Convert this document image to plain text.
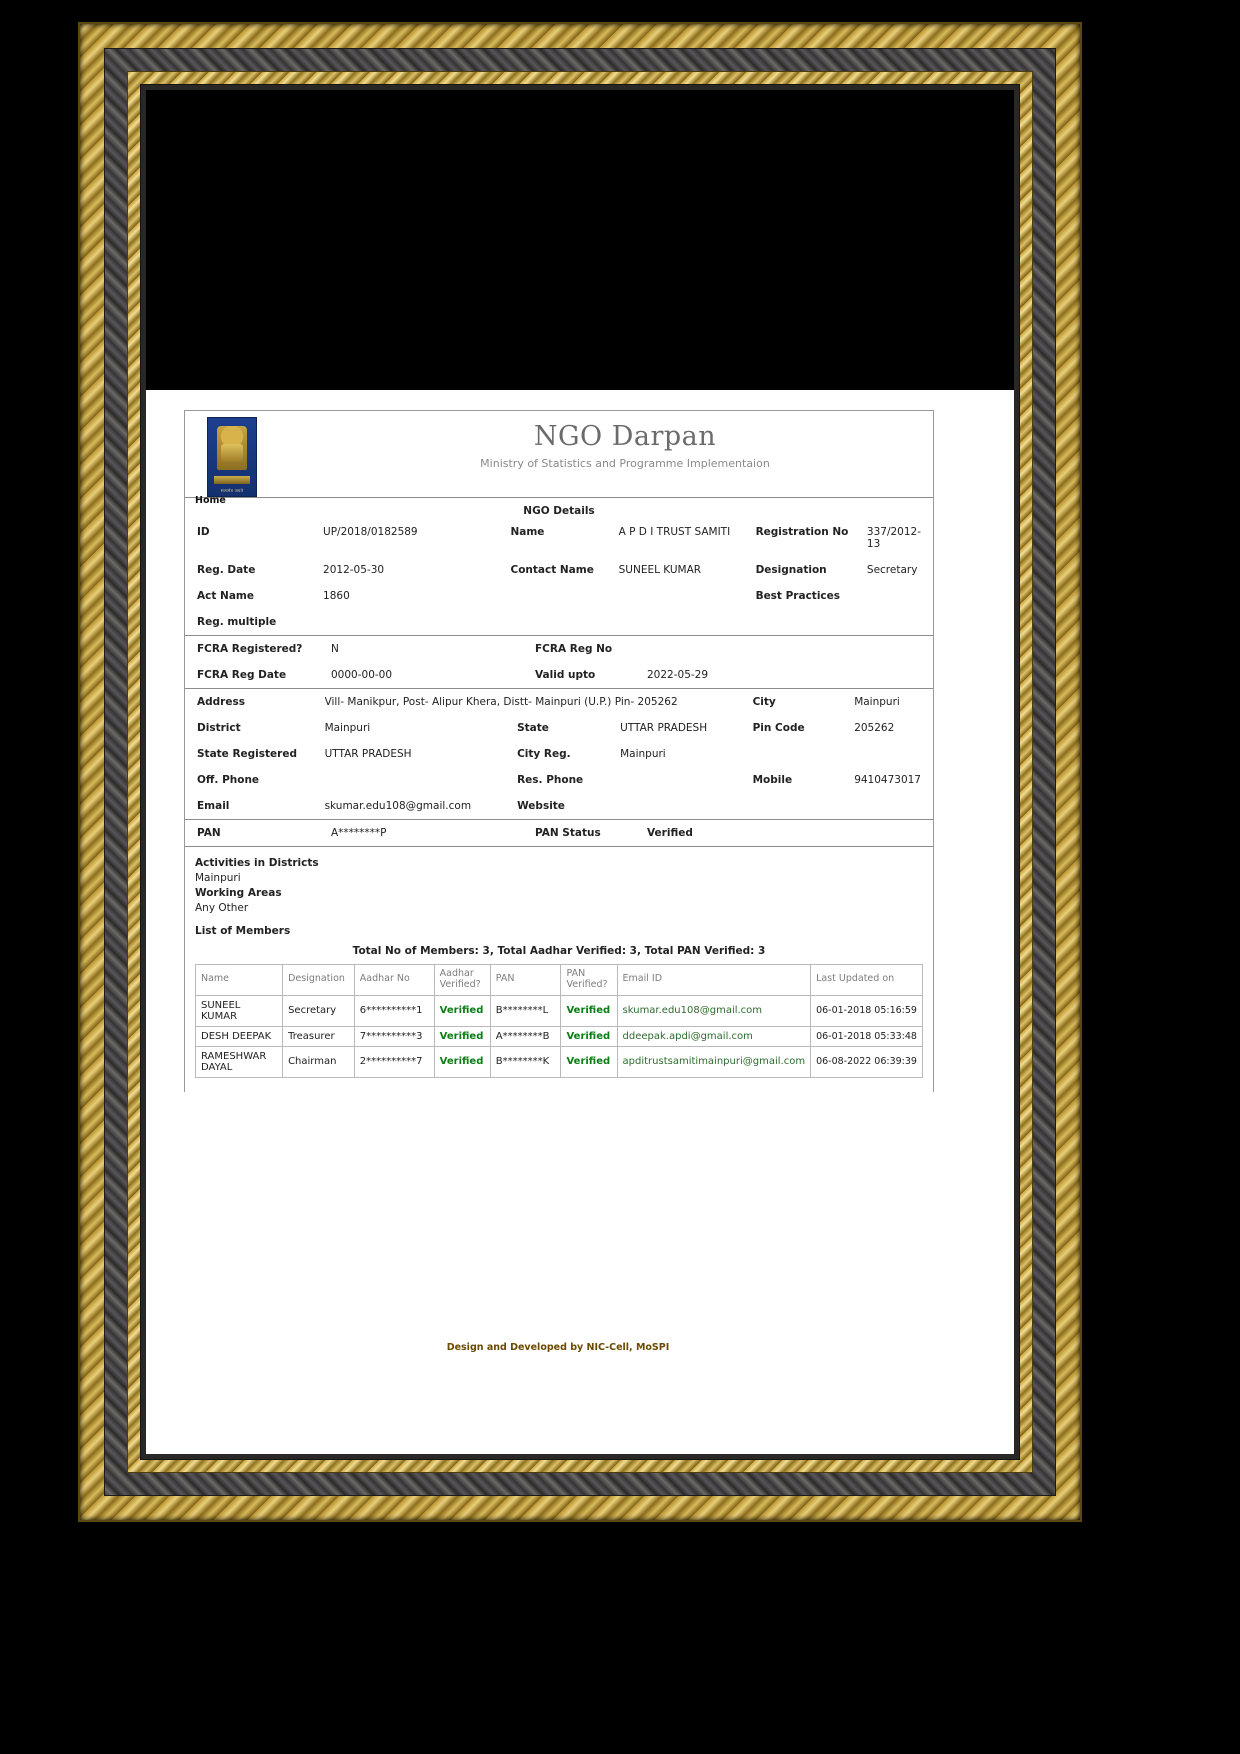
सत्यमेव जयते
NGO Darpan
Ministry of Statistics and Programme Implementaion
Home
NGO Details
ID	UP/2018/0182589	Name	A P D I TRUST SAMITI	Registration No	337/2012-13
Reg. Date	2012-05-30	Contact Name	SUNEEL KUMAR	Designation	Secretary
Act Name	1860			Best Practices	
Reg. multiple					
FCRA Registered?	N	FCRA Reg No			
FCRA Reg Date	0000-00-00	Valid upto	2022-05-29		
Address	Vill- Manikpur, Post- Alipur Khera, Distt- Mainpuri (U.P.) Pin- 205262			City	Mainpuri
District	Mainpuri	State	UTTAR PRADESH	Pin Code	205262
State Registered	UTTAR PRADESH	City Reg.	Mainpuri		
Off. Phone		Res. Phone		Mobile	9410473017
Email	skumar.edu108@gmail.com	Website			
PAN	A********P	PAN Status	Verified		
Activities in Districts
Mainpuri
Working Areas
Any Other
List of Members
Total No of Members: 3, Total Aadhar Verified: 3, Total PAN Verified: 3
Name	Designation	Aadhar No	Aadhar Verified?	PAN	PAN Verified?	Email ID	Last Updated on
SUNEEL KUMAR	Secretary	6**********1	Verified	B********L	Verified	skumar.edu108@gmail.com	06-01-2018 05:16:59
DESH DEEPAK	Treasurer	7**********3	Verified	A********B	Verified	ddeepak.apdi@gmail.com	06-01-2018 05:33:48
RAMESHWAR DAYAL	Chairman	2**********7	Verified	B********K	Verified	apditrustsamitimainpuri@gmail.com	06-08-2022 06:39:39
Design and Developed by NIC-Cell, MoSPI
